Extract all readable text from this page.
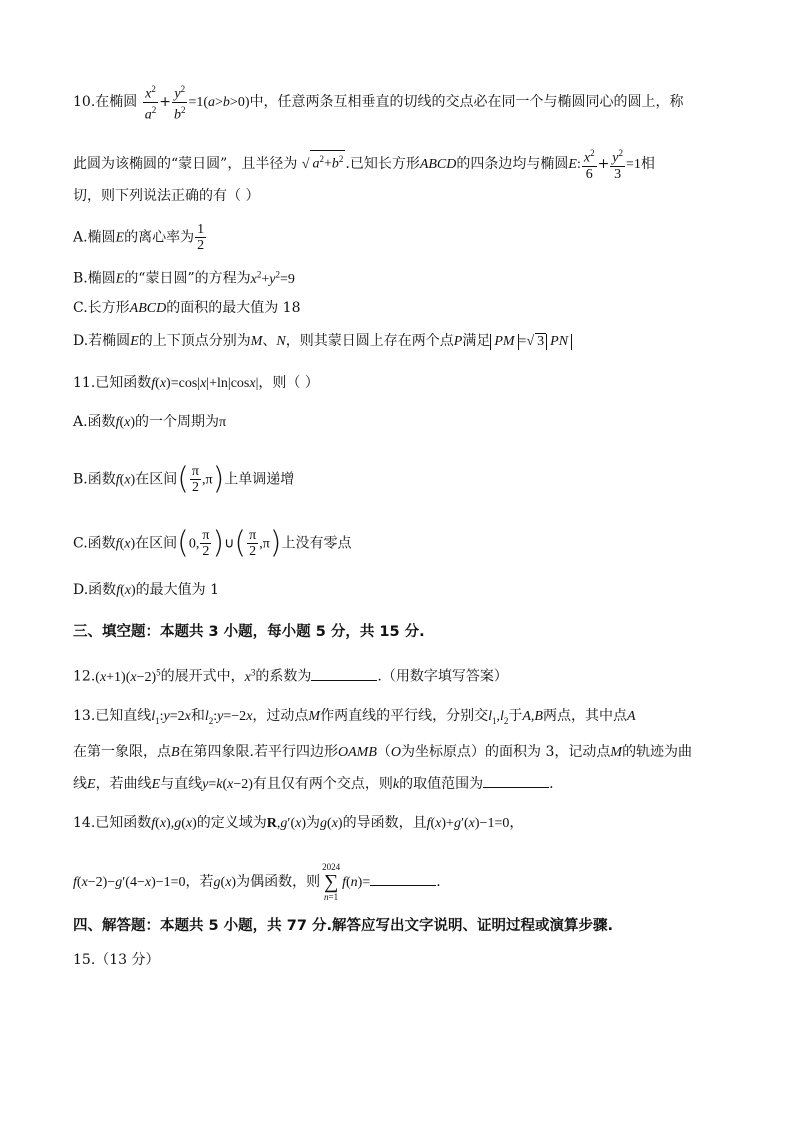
10.在椭圆 $\frac{x^2}{a^2} + \frac{y^2}{b^2} =1(a>b>0)$中，任意两条互相垂直的切线的交点必在同一个与椭圆同心的圆上，称
此圆为该椭圆的“蒙日圆”，且半径为 √ $a^2+b^2$ .已知长方形ABCD的四条边均与椭圆E: $\frac{x^2}{6} + \frac{y^2}{3} =1$相
切，则下列说法正确的有（ ）
A.椭圆E的离心率为 $\frac{1}{2}$
B.椭圆E的“蒙日圆”的方程为$x^2+y^2=9$
C.长方形ABCD的面积的最大值为 18
D.若椭圆E的上下顶点分别为M、N，则其蒙日圆上存在两个点P满足 PM =√ 3 PN
11.已知函数f(x)=cos|x|+ln|cosx|，则（ ）
A.函数f(x)的一个周期为π
B.函数f(x)在区间( $\frac{\pi}{2} ,\pi$)上单调递增
C.函数f(x)在区间(0, $\frac{\pi}{2}$ )∪( $\frac{\pi}{2} ,\pi$)上没有零点
D.函数f(x)的最大值为 1
三、填空题：本题共 3 小题，每小题 5 分，共 15 分.
$12.(x+1)(x-2)^5$的展开式中，$x^3$的系数为	.（用数字填写答案）
13.已知直线$l_1:y=2x$和$l_2:y=-2x$，过动点M作两直线的平行线，分别交$l_1,l_2$于A,B两点，其中点A
在第一象限，点B在第四象限.若平行四边形OAMB（O为坐标原点）的面积为 3，记动点M的轨迹为曲
线E，若曲线E与直线y=k(x−2)有且仅有两个交点，则k的取值范围为	.
14.已知函数f(x),g(x)的定义域为R,g′(x)为g(x)的导函数，且f(x)+g′(x)−1=0，
f(x−2)−g′(4−x)−1=0，若g(x)为偶函数，则
2024
∑
n=1
f(n)=	.
四、解答题：本题共 5 小题，共 77 分.解答应写出文字说明、证明过程或演算步骤.
15.（13 分）
